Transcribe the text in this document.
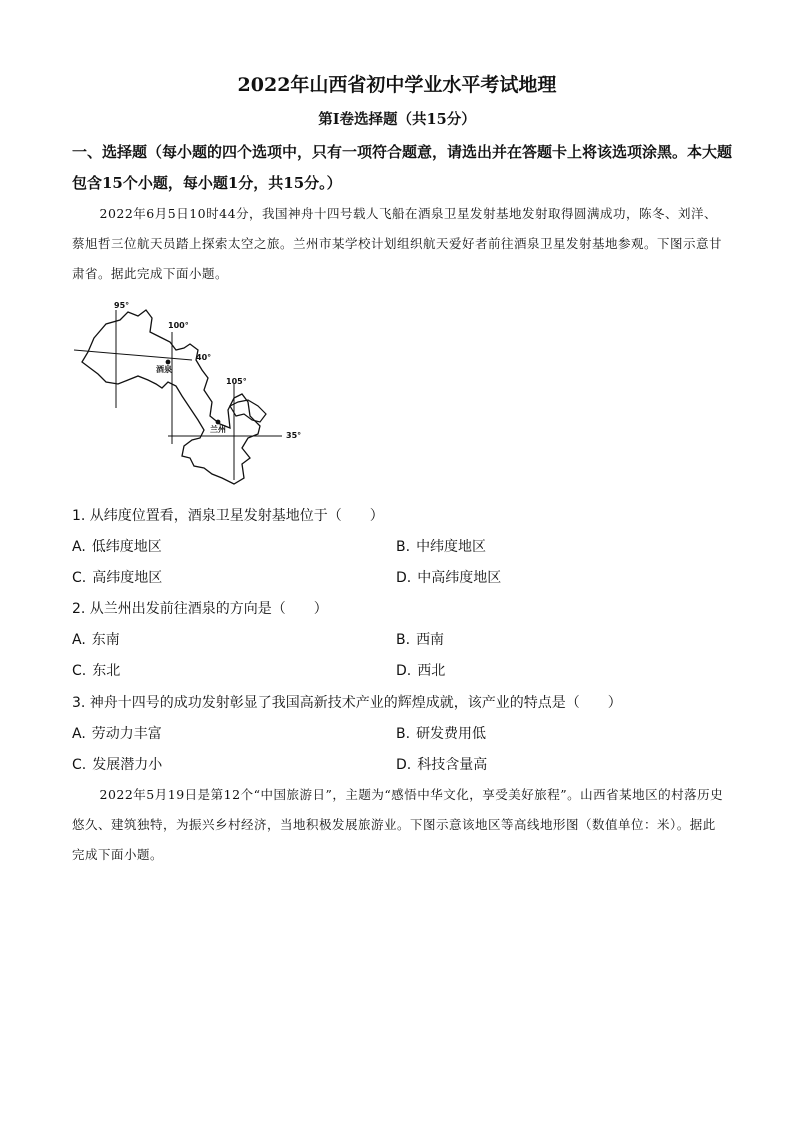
2022年山西省初中学业水平考试地理
第Ⅰ卷选择题（共15分）
一、选择题（每小题的四个选项中，只有一项符合题意，请选出并在答题卡上将该选项涂黑。本大题包含15个小题，每小题1分，共15分。）
2022年6月5日10时44分，我国神舟十四号载人飞船在酒泉卫星发射基地发射取得圆满成功，陈冬、刘洋、蔡旭哲三位航天员踏上探索太空之旅。兰州市某学校计划组织航天爱好者前往酒泉卫星发射基地参观。下图示意甘肃省。据此完成下面小题。
95°
100°
105°
40°
35°
酒泉
兰州
1. 从纬度位置看，酒泉卫星发射基地位于（　　）
A. 低纬度地区	B. 中纬度地区
C. 高纬度地区	D. 中高纬度地区
2. 从兰州出发前往酒泉的方向是（　　）
A. 东南	B. 西南
C. 东北	D. 西北
3. 神舟十四号的成功发射彰显了我国高新技术产业的辉煌成就，该产业的特点是（　　）
A. 劳动力丰富	B. 研发费用低
C. 发展潜力小	D. 科技含量高
2022年5月19日是第12个“中国旅游日”，主题为“感悟中华文化，享受美好旅程”。山西省某地区的村落历史悠久、建筑独特，为振兴乡村经济，当地积极发展旅游业。下图示意该地区等高线地形图（数值单位：米）。据此完成下面小题。
